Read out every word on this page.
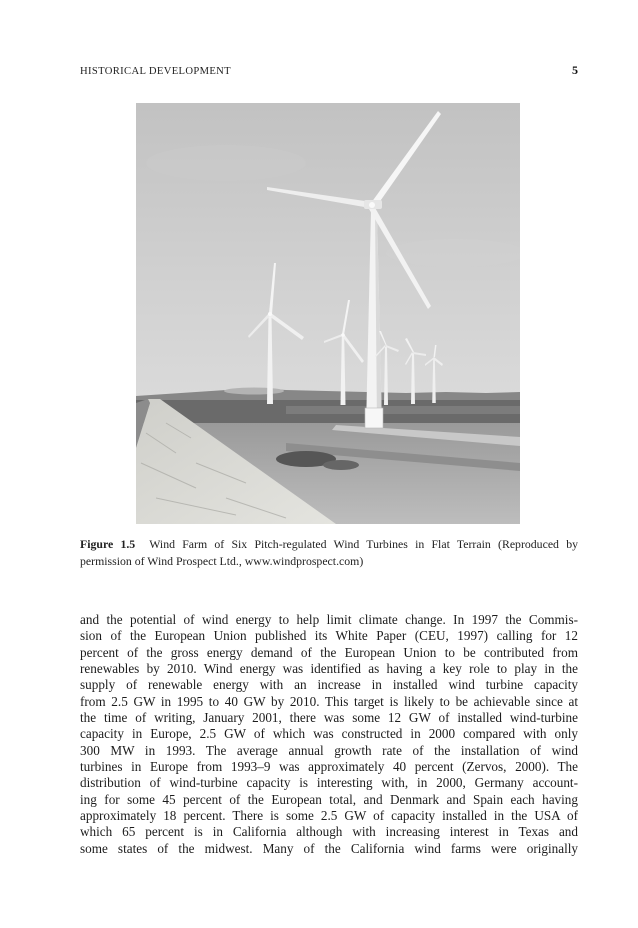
HISTORICAL DEVELOPMENT	5
Figure 1.5 Wind Farm of Six Pitch-regulated Wind Turbines in Flat Terrain (Reproduced by
permission of Wind Prospect Ltd., www.windprospect.com)
and the potential of wind energy to help limit climate change. In 1997 the Commis-
sion of the European Union published its White Paper (CEU, 1997) calling for 12
percent of the gross energy demand of the European Union to be contributed from
renewables by 2010. Wind energy was identified as having a key role to play in the
supply of renewable energy with an increase in installed wind turbine capacity
from 2.5 GW in 1995 to 40 GW by 2010. This target is likely to be achievable since at
the time of writing, January 2001, there was some 12 GW of installed wind-turbine
capacity in Europe, 2.5 GW of which was constructed in 2000 compared with only
300 MW in 1993. The average annual growth rate of the installation of wind
turbines in Europe from 1993–9 was approximately 40 percent (Zervos, 2000). The
distribution of wind-turbine capacity is interesting with, in 2000, Germany account-
ing for some 45 percent of the European total, and Denmark and Spain each having
approximately 18 percent. There is some 2.5 GW of capacity installed in the USA of
which 65 percent is in California although with increasing interest in Texas and
some states of the midwest. Many of the California wind farms were originally
